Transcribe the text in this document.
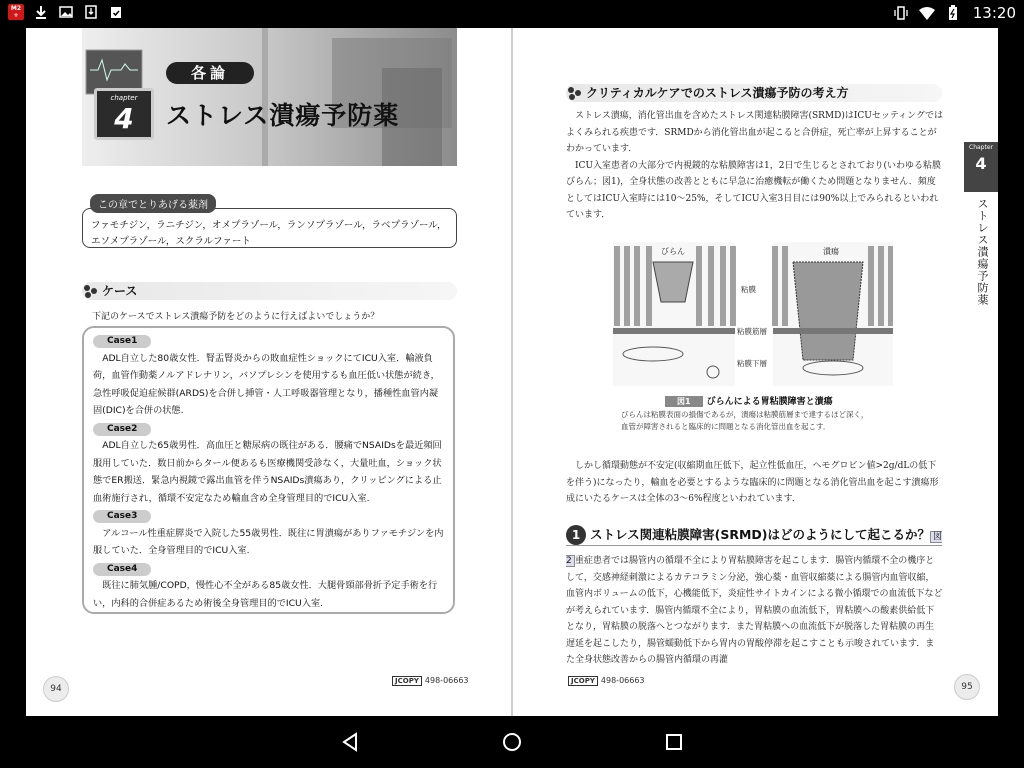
M2
+	13:20
各論
chapter
4	ストレス潰瘍予防薬
ファモチジン，ラニチジン，オメプラゾール，ランソプラゾール，ラベプラゾール，
エソメプラゾール，スクラルファート
この章でとりあげる薬剤
ケース
下記のケースでストレス潰瘍予防をどのように行えばよいでしょうか？
Case1
ADL自立した80歳女性．腎盂腎炎からの敗血症性ショックにてICU入室．輸液負荷，血管作動薬ノルアドレナリン，バソプレシンを使用するも血圧低い状態が続き，急性呼吸促迫症候群(ARDS)を合併し挿管・人工呼吸器管理となり，播種性血管内凝固(DIC)を合併の状態.
Case2
ADL自立した65歳男性．高血圧と糖尿病の既往がある．腰痛でNSAIDsを最近頻回服用していた．数日前からタール便あるも医療機関受診なく，大量吐血，ショック状態でER搬送．緊急内視鏡で露出血管を伴うNSAIDs潰瘍あり，クリッピングによる止血術施行され，循環不安定なため輸血含め全身管理目的でICU入室.
Case3
アルコール性重症膵炎で入院した55歳男性．既往に胃潰瘍がありファモチジンを内服していた．全身管理目的でICU入室.
Case4
既往に肺気腫/COPD，慢性心不全がある85歳女性．大腿骨頸部骨折予定手術を行い，内科的合併症あるため術後全身管理目的でICU入室.
94
JCOPY 498-06663
クリティカルケアでのストレス潰瘍予防の考え方

ストレス潰瘍，消化管出血を含めたストレス関連粘膜障害(SRMD)はICUセッティングではよくみられる疾患です．SRMDから消化管出血が起こると合併症，死亡率が上昇することがわかっています．

ICU入室患者の大部分で内視鏡的な粘膜障害は1，2日で生じるとされており(いわゆる粘膜びらん；図1)，全身状態の改善とともに早急に治癒機転が働くため問題となりません．頻度としてはICU入室時には10～25%，そしてICU入室3日目には90%以上でみられるといわれています．

びらん	潰瘍
粘膜
粘膜筋層
粘膜下層
図1 びらんによる胃粘膜障害と潰瘍
びらんは粘膜表面の損傷であるが，潰瘍は粘膜筋層まで達するほど深く，
血管が障害されると臨床的に問題となる消化管出血を起こす．

しかし循環動態が不安定(収縮期血圧低下，起立性低血圧，ヘモグロビン値>2g/dLの低下を伴う)になったり，輸血を必要とするような臨床的に問題となる消化管出血を起こす潰瘍形成にいたるケースは全体の3～6%程度といわれています．

1 ストレス関連粘膜障害(SRMD)はどのようにして起こるか？ 図2 重症患者では腸管内の循環不全により胃粘膜障害を起こします．腸管内循環不全の機序として，交感神経刺激によるカテコラミン分泌，強心薬・血管収縮薬による腸管内血管収縮，血管内ボリュームの低下，心機能低下，炎症性サイトカインによる微小循環での血流低下などが考えられています．腸管内循環不全により，胃粘膜の血流低下，胃粘膜への酸素供給低下となり，胃粘膜の脱落へとつながります．また胃粘膜への血流低下が脱落した胃粘膜の再生遅延を起こしたり，腸管蠕動低下から胃内の胃酸停滞を起こすことも示唆されています．また全身状態改善からの腸管内循環の再灌

Chapter
4
ストレス潰瘍予防薬
JCOPY 498-06663
95
